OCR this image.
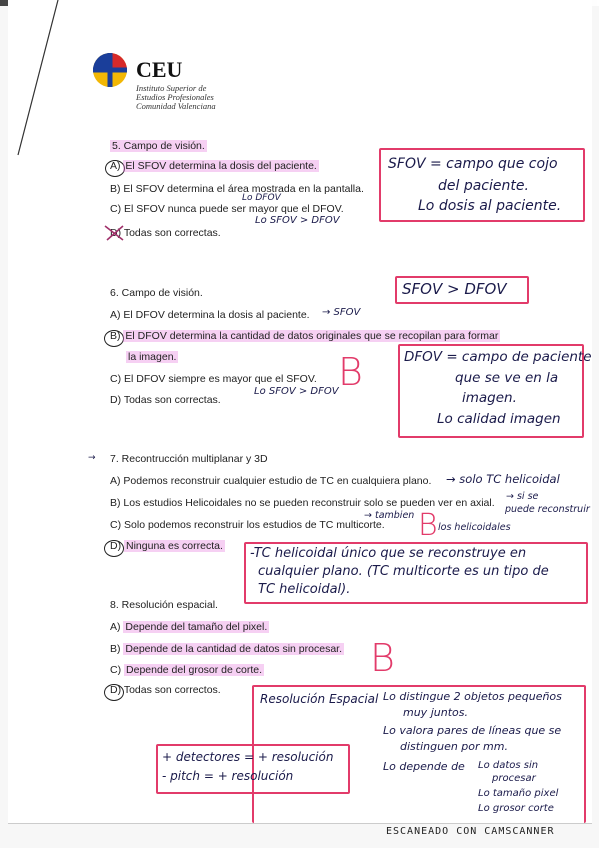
CEU
Instituto Superior de
Estudios Profesionales
Comunidad Valenciana
5. Campo de visión.
A) El SFOV determina la dosis del paciente.
B) El SFOV determina el área mostrada en la pantalla.
Lo DFOV
C) El SFOV nunca puede ser mayor que el DFOV.
Lo SFOV > DFOV
D) Todas son correctas.
SFOV = campo que cojo
del paciente.
Lo dosis al paciente.
6. Campo de visión.
A) El DFOV determina la dosis al paciente. → SFOV
B) El DFOV determina la cantidad de datos originales que se recopilan para formar
la imagen.
C) El DFOV siempre es mayor que el SFOV.
Lo SFOV > DFOV
D) Todas son correctas.
B
SFOV > DFOV
DFOV = campo de paciente
que se ve en la
imagen.
Lo calidad imagen
→ 7. Recontrucción multiplanar y 3D
A) Podemos reconstruir cualquier estudio de TC en cualquiera plano. → solo TC helicoidal
B) Los estudios Helicoidales no se pueden reconstruir solo se pueden ver en axial.
→ si se
puede reconstruir
C) Solo podemos reconstruir los estudios de TC multicorte.
→ tambien
los helicoidales
B
D) Ninguna es correcta. -TC helicoidal único que se reconstruye en
cualquier plano. (TC multicorte es un tipo de
TC helicoidal).
8. Resolución espacial.
A) Depende del tamaño del pixel.
B) Depende de la cantidad de datos sin procesar.
C) Depende del grosor de corte.
D) Todas son correctos.
B
Resolución Espacial Lo distingue 2 objetos pequeños
muy juntos.
Lo valora pares de líneas que se
distinguen por mm.
Lo depende de Lo datos sin
procesar
Lo tamaño pixel
Lo grosor corte
+ detectores = + resolución
- pitch = + resolución
ESCANEADO CON CAMSCANNER
